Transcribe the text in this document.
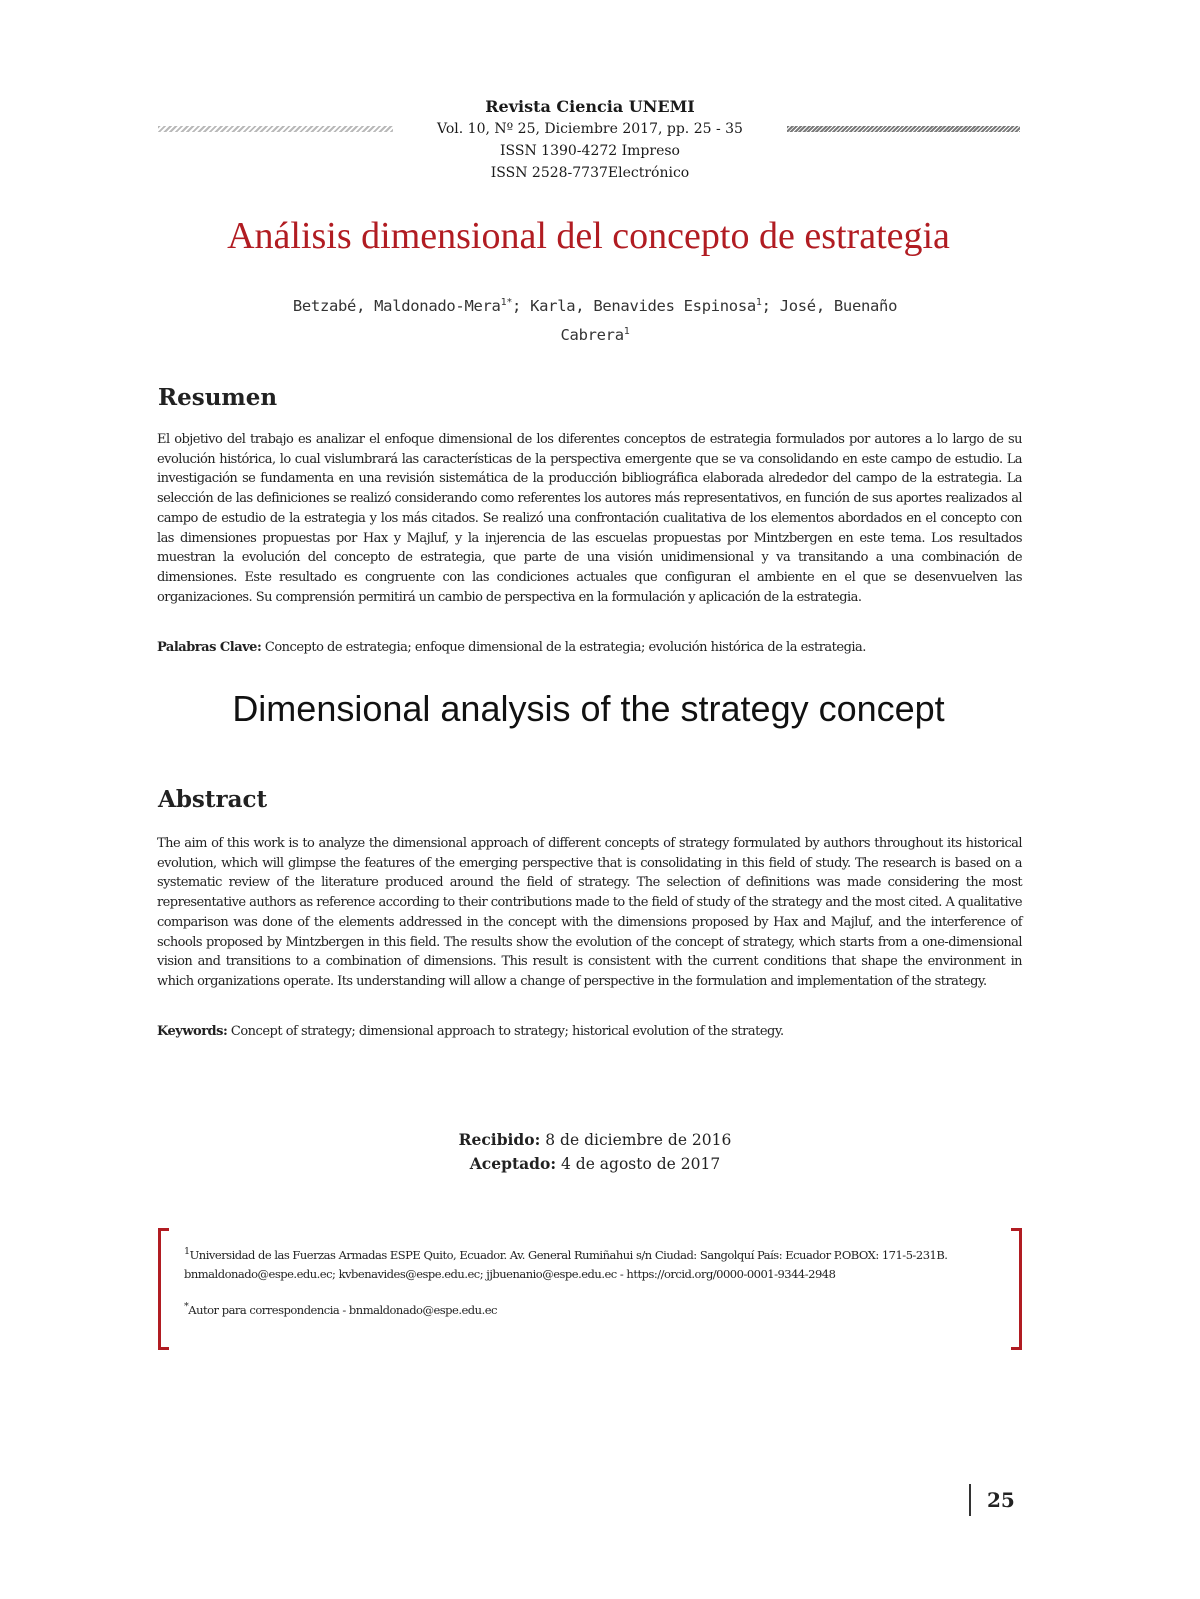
Revista Ciencia UNEMI
Vol. 10, Nº 25, Diciembre 2017, pp. 25 - 35
ISSN 1390-4272 Impreso
ISSN 2528-7737Electrónico
Análisis dimensional del concepto de estrategia
Betzabé, Maldonado-Mera$^{1*}$; Karla, Benavides Espinosa$^1$; José, Buenaño
Cabrera$^1$
Resumen
El objetivo del trabajo es analizar el enfoque dimensional de los diferentes conceptos de estrategia formulados por autores a lo largo de su evolución histórica, lo cual vislumbrará las características de la perspectiva emergente que se va consolidando en este campo de estudio. La investigación se fundamenta en una revisión sistemática de la producción bibliográfica elaborada alrededor del campo de la estrategia. La selección de las definiciones se realizó considerando como referentes los autores más representativos, en función de sus aportes realizados al campo de estudio de la estrategia y los más citados. Se realizó una confrontación cualitativa de los elementos abordados en el concepto con las dimensiones propuestas por Hax y Majluf, y la injerencia de las escuelas propuestas por Mintzbergen en este tema. Los resultados muestran la evolución del concepto de estrategia, que parte de una visión unidimensional y va transitando a una combinación de dimensiones. Este resultado es congruente con las condiciones actuales que configuran el ambiente en el que se desenvuelven las organizaciones. Su comprensión permitirá un cambio de perspectiva en la formulación y aplicación de la estrategia.
Palabras Clave: Concepto de estrategia; enfoque dimensional de la estrategia; evolución histórica de la estrategia.
Dimensional analysis of the strategy concept
Abstract
The aim of this work is to analyze the dimensional approach of different concepts of strategy formulated by authors throughout its historical evolution, which will glimpse the features of the emerging perspective that is consolidating in this field of study. The research is based on a systematic review of the literature produced around the field of strategy. The selection of definitions was made considering the most representative authors as reference according to their contributions made to the field of study of the strategy and the most cited. A qualitative comparison was done of the elements addressed in the concept with the dimensions proposed by Hax and Majluf, and the interference of schools proposed by Mintzbergen in this field. The results show the evolution of the concept of strategy, which starts from a one-dimensional vision and transitions to a combination of dimensions. This result is consistent with the current conditions that shape the environment in which organizations operate. Its understanding will allow a change of perspective in the formulation and implementation of the strategy.
Keywords: Concept of strategy; dimensional approach to strategy; historical evolution of the strategy.
Recibido: 8 de diciembre de 2016
Aceptado: 4 de agosto de 2017
$^1$Universidad de las Fuerzas Armadas ESPE Quito, Ecuador. Av. General Rumiñahui s/n Ciudad: Sangolquí País: Ecuador P.OBOX: 171-5-231B. bnmaldonado@espe.edu.ec; kvbenavides@espe.edu.ec; jjbuenanio@espe.edu.ec - https://orcid.org/0000-0001-9344-2948
*Autor para correspondencia - bnmaldonado@espe.edu.ec
25
